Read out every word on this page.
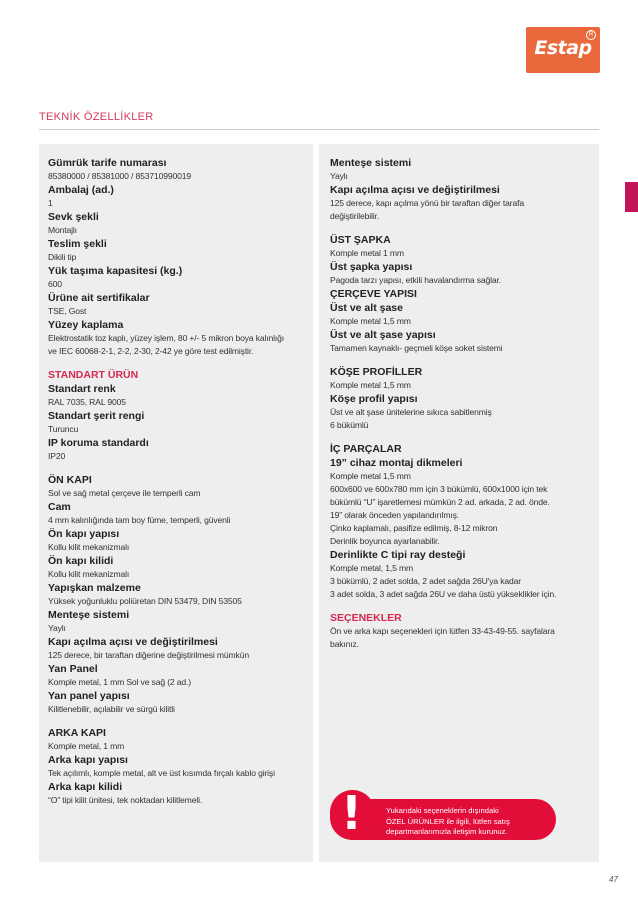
Estap
R
TEKNİK ÖZELLİKLER
Gümrük tarife numarası
85380000 / 85381000 / 853710990019
Ambalaj (ad.)
1
Sevk şekli
Montajlı
Teslim şekli
Dikili tip
Yük taşıma kapasitesi (kg.)
600
Ürüne ait sertifikalar
TSE, Gost
Yüzey kaplama
Elektrostatik toz kaplı, yüzey işlem, 80 +/- 5 mikron boya kalınlığı
ve IEC 60068-2-1, 2-2, 2-30, 2-42 ye göre test edilmiştir.
STANDART ÜRÜN
Standart renk
RAL 7035, RAL 9005
Standart şerit rengi
Turuncu
IP koruma standardı
IP20
ÖN KAPI
Sol ve sağ metal çerçeve ile temperli cam
Cam
4 mm kalınlığında tam boy füme, temperli, güvenli
Ön kapı yapısı
Kollu kilit mekanizmalı
Ön kapı kilidi
Kollu kilit mekanizmalı
Yapışkan malzeme
Yüksek yoğunluklu poliüretan DIN 53479, DIN 53505
Menteşe sistemi
Yaylı
Kapı açılma açısı ve değiştirilmesi
125 derece, bir taraftan diğerine değiştirilmesi mümkün
Yan Panel
Komple metal, 1 mm Sol ve sağ (2 ad.)
Yan panel yapısı
Kilitlenebilir, açılabilir ve sürgü kilitli
ARKA KAPI
Komple metal, 1 mm
Arka kapı yapısı
Tek açılımlı, komple metal, alt ve üst kısımda fırçalı kablo girişi
Arka kapı kilidi
“O” tipi kilit ünitesi, tek noktadan kilitlemeli.
Menteşe sistemi
Yaylı
Kapı açılma açısı ve değiştirilmesi
125 derece, kapı açılma yönü bir taraftan diğer tarafa
değiştirilebilir.
ÜST ŞAPKA
Komple metal 1 mm
Üst şapka yapısı
Pagoda tarzı yapısı, etkili havalandırma sağlar.
ÇERÇEVE YAPISI
Üst ve alt şase
Komple metal 1,5 mm
Üst ve alt şase yapısı
Tamamen kaynaklı- geçmeli köşe soket sistemi
KÖŞE PROFİLLER
Komple metal 1,5 mm
Köşe profil yapısı
Üst ve alt şase ünitelerine sıkıca sabitlenmiş
6 bükümlü
İÇ PARÇALAR
19” cihaz montaj dikmeleri
Komple metal 1,5 mm
600x600 ve 600x780 mm için 3 bükümlü, 600x1000 için tek
bükümlü “U” işaretlemesi mümkün 2 ad. arkada, 2 ad. önde.
19” olarak önceden yapılandırılmış.
Çinko kaplamalı, pasifize edilmiş, 8-12 mikron
Derinlik boyunca ayarlanabilir.
Derinlikte C tipi ray desteği
Komple metal, 1,5 mm
3 bükümlü, 2 adet solda, 2 adet sağda 26U'ya kadar
3 adet solda, 3 adet sağda 26U ve daha üstü yükseklikler için.
SEÇENEKLER
Ön ve arka kapı seçenekleri için lütfen 33-43-49-55. sayfalara
bakınız.
!	Yukarıdaki seçeneklerin dışındaki
ÖZEL ÜRÜNLER ile ilgili, lütfen satış
departmanlarımızla iletişim kurunuz.
47
